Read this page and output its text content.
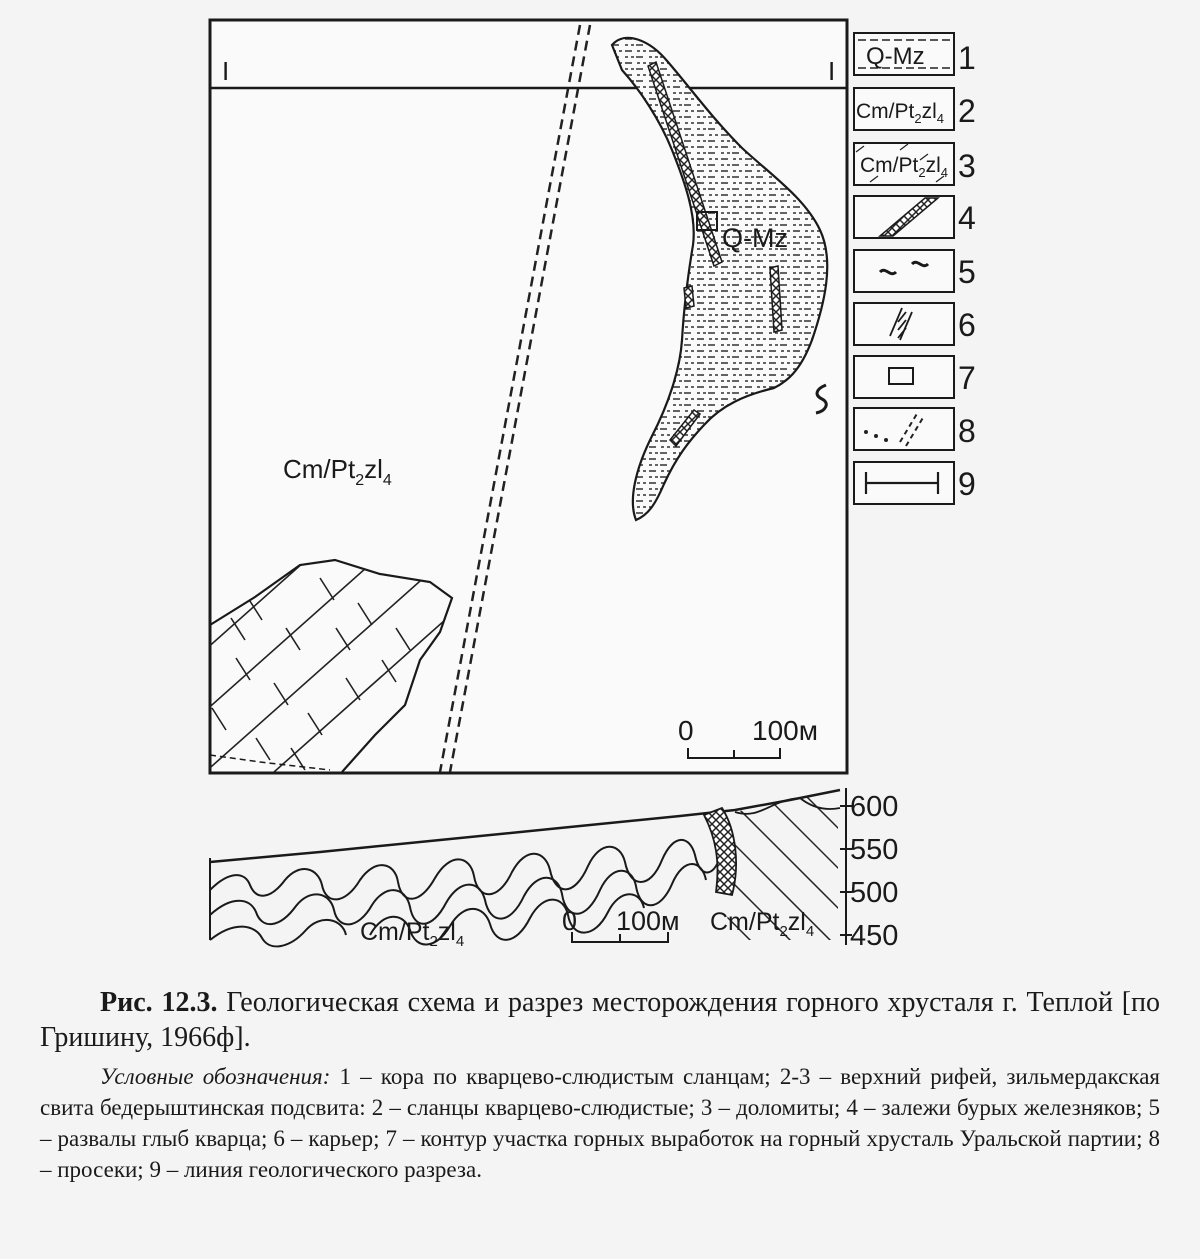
I	I
Q-Mz
$Cm/Pt_2zl_4$
0 100м
600
550
500
450
$Cm/Pt_2zl_4$
$Cm/Pt_2zl_4$
0 100м
Q-Mz 1
$Cm/Pt_2zl_4$ 2
$Cm/Pt_2zl_4$ 3
4
5
6
7
8
9
Рис. 12.3. Геологическая схема и разрез месторождения горного хрусталя г. Теплой [по Гришину, 1966ф].
Условные обозначения: 1 – кора по кварцево-слюдистым сланцам; 2-3 – верхний рифей, зильмердакская свита бедерыштинская подсвита: 2 – сланцы кварцево-слюдистые; 3 – доломиты; 4 – залежи бурых железняков; 5 – развалы глыб кварца; 6 – карьер; 7 – контур участка горных выработок на горный хрусталь Уральской партии; 8 – просеки; 9 – линия геологического разреза.
